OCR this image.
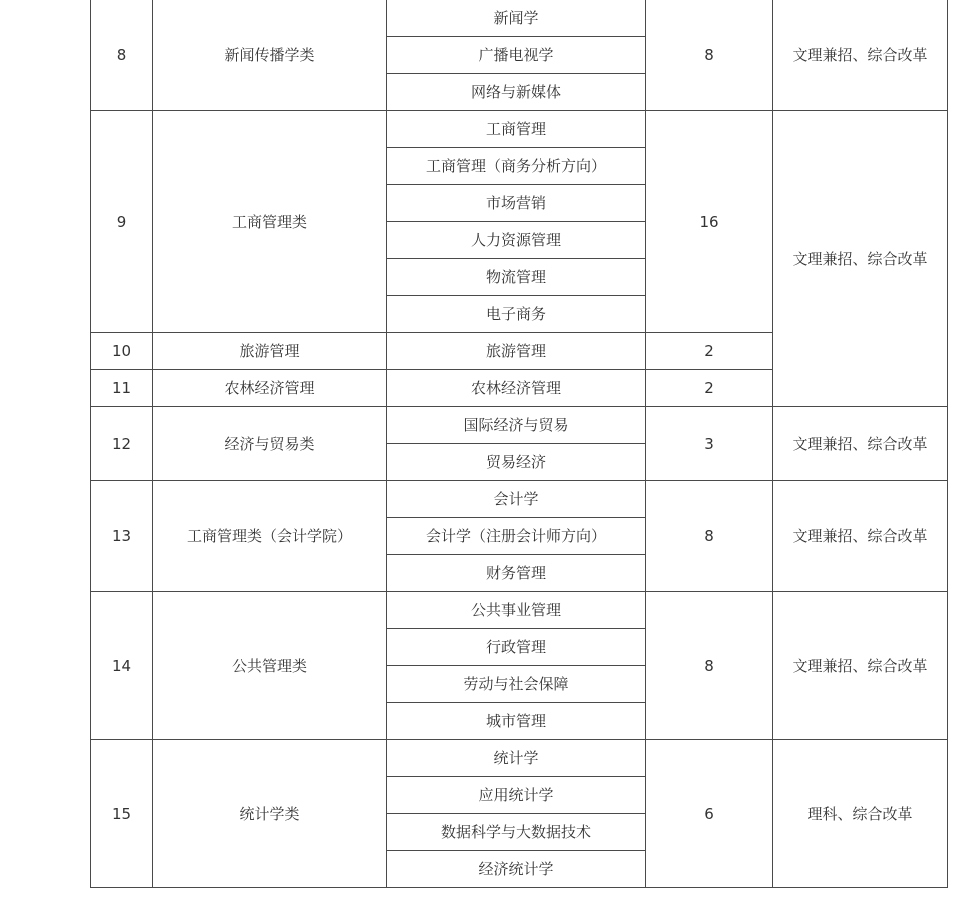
8	新闻传播学类	新闻学	8	文理兼招、综合改革
		广播电视学		
		网络与新媒体		
9	工商管理类	工商管理	16	文理兼招、综合改革
		工商管理（商务分析方向）		
		市场营销		
		人力资源管理		
		物流管理		
		电子商务		
10	旅游管理	旅游管理	2	
11	农林经济管理	农林经济管理	2	
12	经济与贸易类	国际经济与贸易	3	文理兼招、综合改革
		贸易经济		
13	工商管理类（会计学院）	会计学	8	文理兼招、综合改革
		会计学（注册会计师方向）		
		财务管理		
14	公共管理类	公共事业管理	8	文理兼招、综合改革
		行政管理		
		劳动与社会保障		
		城市管理		
15	统计学类	统计学	6	理科、综合改革
		应用统计学		
		数据科学与大数据技术		
		经济统计学		
